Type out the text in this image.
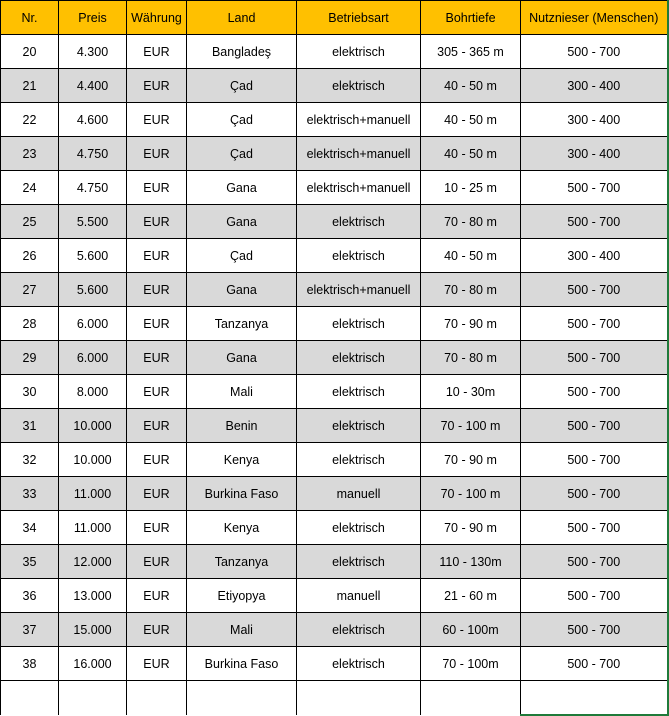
Nr.	Preis	Währung	Land	Betriebsart	Bohrtiefe	Nutznieser (Menschen)
20	4.300	EUR	Bangladeş	elektrisch	305 - 365 m	500 - 700
21	4.400	EUR	Çad	elektrisch	40 - 50 m	300 - 400
22	4.600	EUR	Çad	elektrisch+manuell	40 - 50 m	300 - 400
23	4.750	EUR	Çad	elektrisch+manuell	40 - 50 m	300 - 400
24	4.750	EUR	Gana	elektrisch+manuell	10 - 25 m	500 - 700
25	5.500	EUR	Gana	elektrisch	70 - 80 m	500 - 700
26	5.600	EUR	Çad	elektrisch	40 - 50 m	300 - 400
27	5.600	EUR	Gana	elektrisch+manuell	70 - 80 m	500 - 700
28	6.000	EUR	Tanzanya	elektrisch	70 - 90 m	500 - 700
29	6.000	EUR	Gana	elektrisch	70 - 80 m	500 - 700
30	8.000	EUR	Mali	elektrisch	10 - 30m	500 - 700
31	10.000	EUR	Benin	elektrisch	70 - 100 m	500 - 700
32	10.000	EUR	Kenya	elektrisch	70 - 90 m	500 - 700
33	11.000	EUR	Burkina Faso	manuell	70 - 100 m	500 - 700
34	11.000	EUR	Kenya	elektrisch	70 - 90 m	500 - 700
35	12.000	EUR	Tanzanya	elektrisch	110 - 130m	500 - 700
36	13.000	EUR	Etiyopya	manuell	21 - 60 m	500 - 700
37	15.000	EUR	Mali	elektrisch	60 - 100m	500 - 700
38	16.000	EUR	Burkina Faso	elektrisch	70 - 100m	500 - 700
